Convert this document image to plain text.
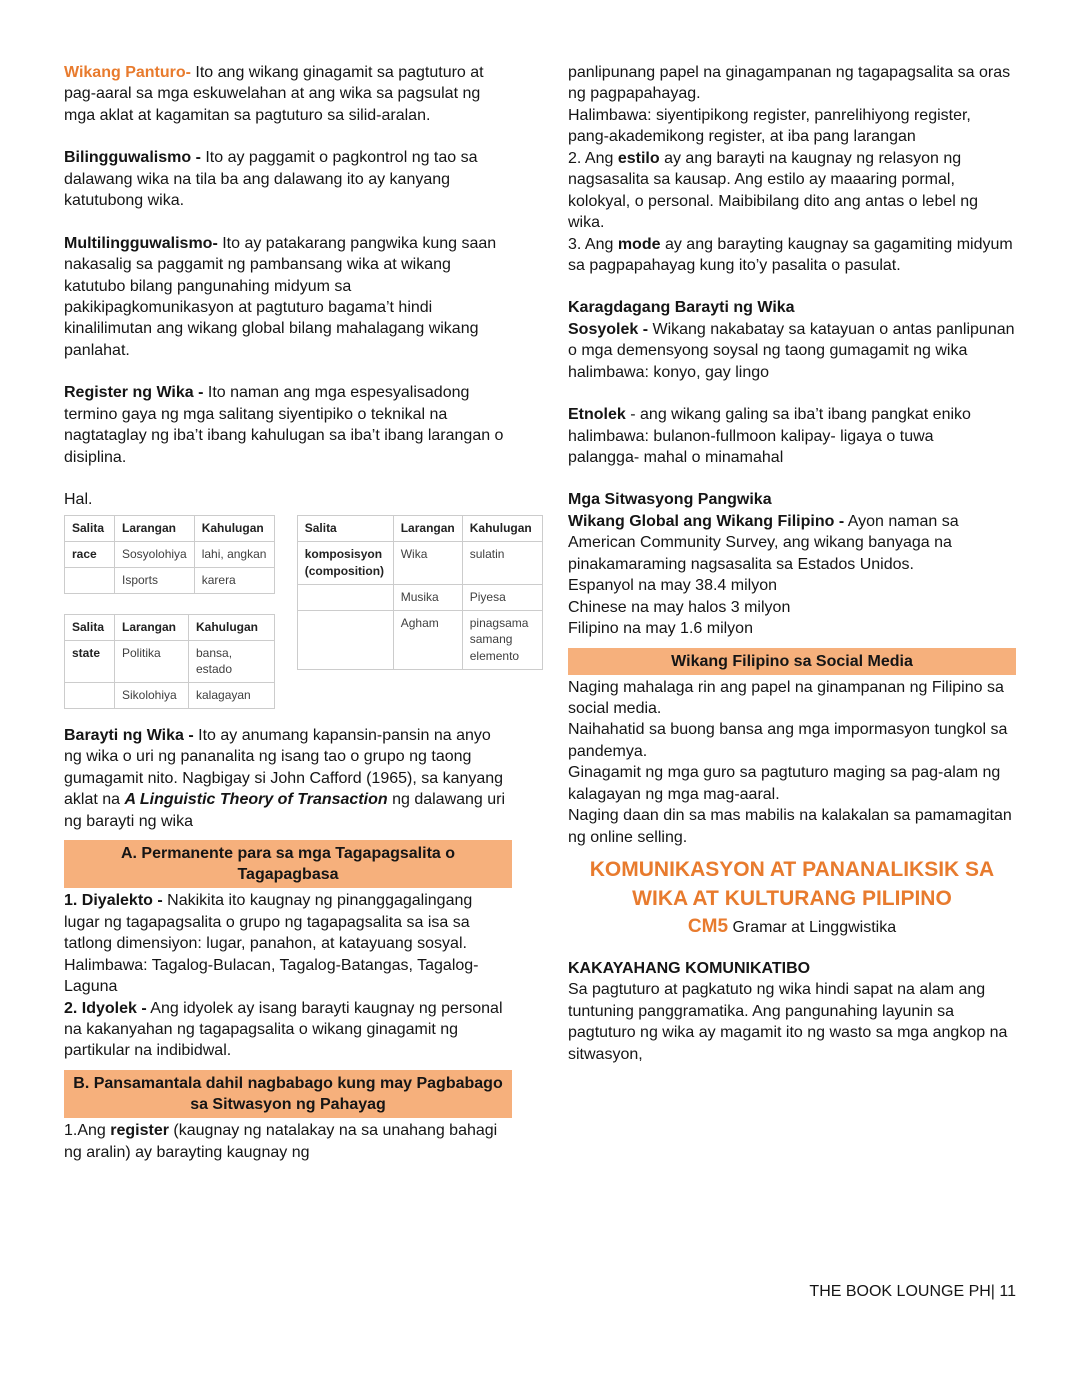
Wikang Panturo- Ito ang wikang ginagamit sa pagtuturo at pag-aaral sa mga eskuwelahan at ang wika sa pagsulat ng mga aklat at kagamitan sa pagtuturo sa silid-aralan.

Bilingguwalismo - Ito ay paggamit o pagkontrol ng tao sa dalawang wika na tila ba ang dalawang ito ay kanyang katutubong wika.

Multilingguwalismo- Ito ay patakarang pangwika kung saan nakasalig sa paggamit ng pambansang wika at wikang katutubo bilang pangunahing midyum sa pakikipagkomunikasyon at pagtuturo bagama’t hindi kinalilimutan ang wikang global bilang mahalagang wikang panlahat.

Register ng Wika - Ito naman ang mga espesyalisadong termino gaya ng mga salitang siyentipiko o teknikal na nagtataglay ng iba’t ibang kahulugan sa iba’t ibang larangan o disiplina.

Hal.

Salita	Larangan	Kahulugan
race	Sosyolohiya	lahi, angkan
	Isports	karera
Salita	Larangan	Kahulugan
state	Politika	bansa, estado
	Sikolohiya	kalagayan
Salita	Larangan	Kahulugan
komposisyon (composition)	Wika	sulatin
	Musika	Piyesa
	Agham	pinagsama samang elemento

Barayti ng Wika - Ito ay anumang kapansin-pansin na anyo ng wika o uri ng pananalita ng isang tao o grupo ng taong gumagamit nito. Nagbigay si John Cafford (1965), sa kanyang aklat na A Linguistic Theory of Transaction ng dalawang uri ng barayti ng wika

A. Permanente para sa mga Tagapagsalita o Tagapagbasa

1. Diyalekto - Nakikita ito kaugnay ng pinanggagalingang lugar ng tagapagsalita o grupo ng tagapagsalita sa isa sa tatlong dimensiyon: lugar, panahon, at katayuang sosyal.

Halimbawa: Tagalog-Bulacan, Tagalog-Batangas, Tagalog-Laguna

2. Idyolek - Ang idyolek ay isang barayti kaugnay ng personal na kakanyahan ng tagapagsalita o wikang ginagamit ng partikular na indibidwal.

B. Pansamantala dahil nagbabago kung may Pagbabago sa Sitwasyon ng Pahayag

1.Ang register (kaugnay ng natalakay na sa unahang bahagi ng aralin) ay barayting kaugnay ng

panlipunang papel na ginagampanan ng tagapagsalita sa oras ng pagpapahayag.

Halimbawa: siyentipikong register, panrelihiyong register, pang-akademikong register, at iba pang larangan

2. Ang estilo ay ang barayti na kaugnay ng relasyon ng nagsasalita sa kausap. Ang estilo ay maaaring pormal, kolokyal, o personal. Maibibilang dito ang antas o lebel ng wika.

3. Ang mode ay ang barayting kaugnay sa gagamiting midyum sa pagpapahayag kung ito’y pasalita o pasulat.

Karagdagang Barayti ng Wika

Sosyolek - Wikang nakabatay sa katayuan o antas panlipunan o mga demensyong soysal ng taong gumagamit ng wika

halimbawa: konyo, gay lingo

Etnolek - ang wikang galing sa iba’t ibang pangkat eniko

halimbawa: bulanon-fullmoon kalipay- ligaya o tuwa

palangga- mahal o minamahal

Mga Sitwasyong Pangwika

Wikang Global ang Wikang Filipino - Ayon naman sa American Community Survey, ang wikang banyaga na pinakamaraming nagsasalita sa Estados Unidos.

Espanyol na may 38.4 milyon

Chinese na may halos 3 milyon

Filipino na may 1.6 milyon

Wikang Filipino sa Social Media

Naging mahalaga rin ang papel na ginampanan ng Filipino sa social media.

Naihahatid sa buong bansa ang mga impormasyon tungkol sa pandemya.

Ginagamit ng mga guro sa pagtuturo maging sa pag-alam ng kalagayan ng mga mag-aaral.

Naging daan din sa mas mabilis na kalakalan sa pamamagitan ng online selling.

KOMUNIKASYON AT PANANALIKSIK SA WIKA AT KULTURANG PILIPINO
CM5 Gramar at Linggwistika

KAKAYAHANG KOMUNIKATIBO

Sa pagtuturo at pagkatuto ng wika hindi sapat na alam ang tuntuning panggramatika. Ang pangunahing layunin sa pagtuturo ng wika ay magamit ito ng wasto sa mga angkop na sitwasyon,

THE BOOK LOUNGE PH| 11
